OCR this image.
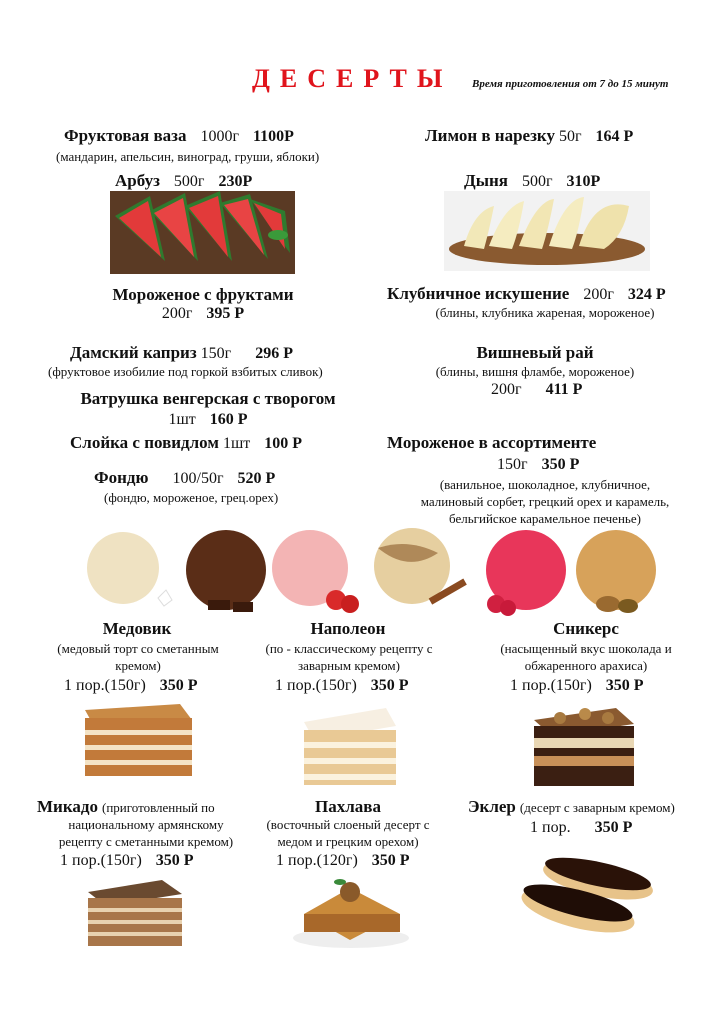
ДЕСЕРТЫ Время приготовления от 7 до 15 минут
Фруктовая ваза 1000г 1100Р
(мандарин, апельсин, виноград, груши, яблоки)
Лимон в нарезку 50г 164 Р
Арбуз 500г 230Р	Дыня 500г 310Р
Мороженое с фруктами
200г 395 Р
Клубничное искушение 200г 324 Р
(блины, клубника жареная, мороженое)
Дамский каприз 150г 296 Р
(фруктовое изобилие под горкой взбитых сливок)
Вишневый рай
(блины, вишня фламбе, мороженое)
200г 411 Р
Ватрушка венгерская с творогом
1шт 160 Р
Слойка с повидлом 1шт 100 Р	Мороженое в ассортименте
150г 350 Р
(ванильное, шоколадное, клубничное,
малиновый сорбет, грецкий орех и карамель,
бельгийское карамельное печенье)
Фондю 100/50г 520 Р
(фондю, мороженое, грец.орех)
Медовик
(медовый торт со сметанным
кремом)
1 пор.(150г) 350 Р
Наполеон
(по - классическому рецепту с
заварным кремом)
1 пор.(150г) 350 Р
Сникерс
(насыщенный вкус шоколада и
обжаренного арахиса)
1 пор.(150г) 350 Р
Микадо (приготовленный по
национальному армянскому
рецепту с сметанными кремом)
1 пор.(150г) 350 Р
Пахлава
(восточный слоеный десерт с
медом и грецким орехом)
1 пор.(120г) 350 Р
Эклер (десерт с заварным кремом)
1 пор. 350 Р
